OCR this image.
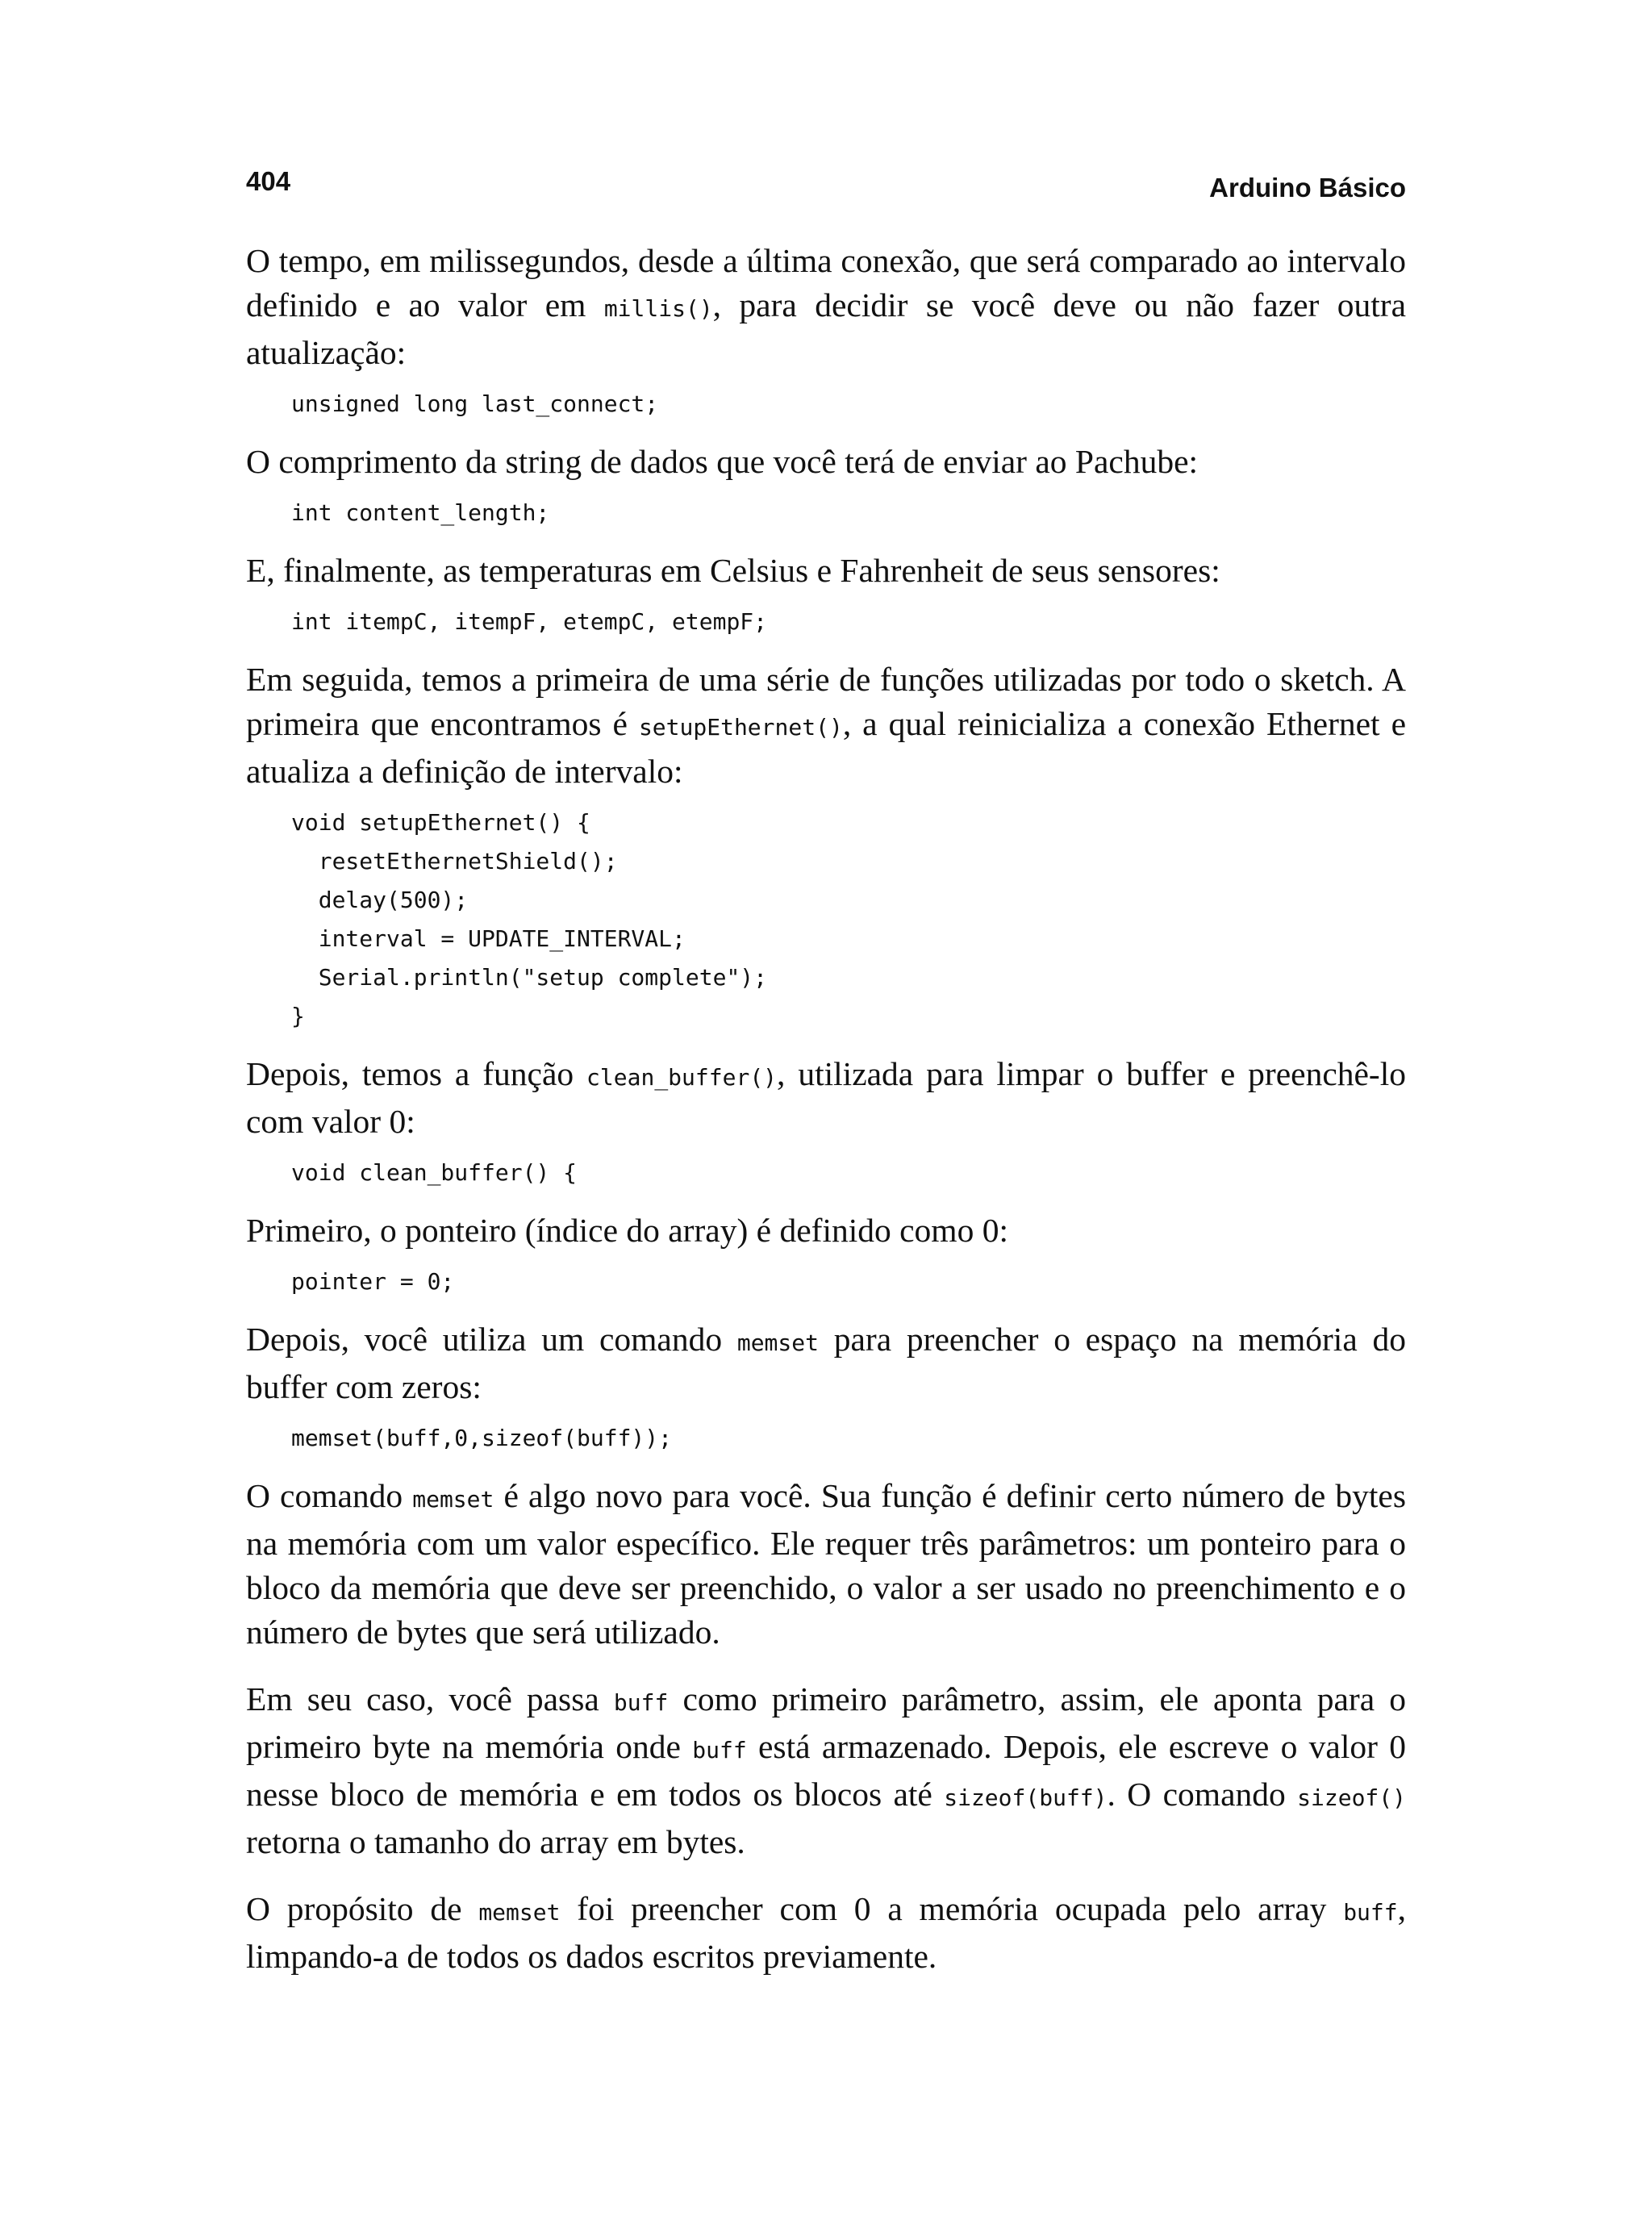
404	Arduino Básico

O tempo, em milissegundos, desde a última conexão, que será comparado ao intervalo definido e ao valor em millis(), para decidir se você deve ou não fazer outra atualização:

unsigned long last_connect;

O comprimento da string de dados que você terá de enviar ao Pachube:

int content_length;

E, finalmente, as temperaturas em Celsius e Fahrenheit de seus sensores:

int itempC, itempF, etempC, etempF;

Em seguida, temos a primeira de uma série de funções utilizadas por todo o sketch. A primeira que encontramos é setupEthernet(), a qual reinicializa a conexão Ethernet e atualiza a definição de intervalo:

void setupEthernet() {
resetEthernetShield();
delay(500);
interval = UPDATE_INTERVAL;
Serial.println("setup complete");
}

Depois, temos a função clean_buffer(), utilizada para limpar o buffer e preenchê-lo com valor 0:

void clean_buffer() {

Primeiro, o ponteiro (índice do array) é definido como 0:

pointer = 0;

Depois, você utiliza um comando memset para preencher o espaço na memória do buffer com zeros:

memset(buff,0,sizeof(buff));

O comando memset é algo novo para você. Sua função é definir certo número de bytes na memória com um valor específico. Ele requer três parâmetros: um ponteiro para o bloco da memória que deve ser preenchido, o valor a ser usado no preenchimento e o número de bytes que será utilizado.

Em seu caso, você passa buff como primeiro parâmetro, assim, ele aponta para o primeiro byte na memória onde buff está armazenado. Depois, ele escreve o valor 0 nesse bloco de memória e em todos os blocos até sizeof(buff). O comando sizeof() retorna o tamanho do array em bytes.

O propósito de memset foi preencher com 0 a memória ocupada pelo array buff, limpando-a de todos os dados escritos previamente.
